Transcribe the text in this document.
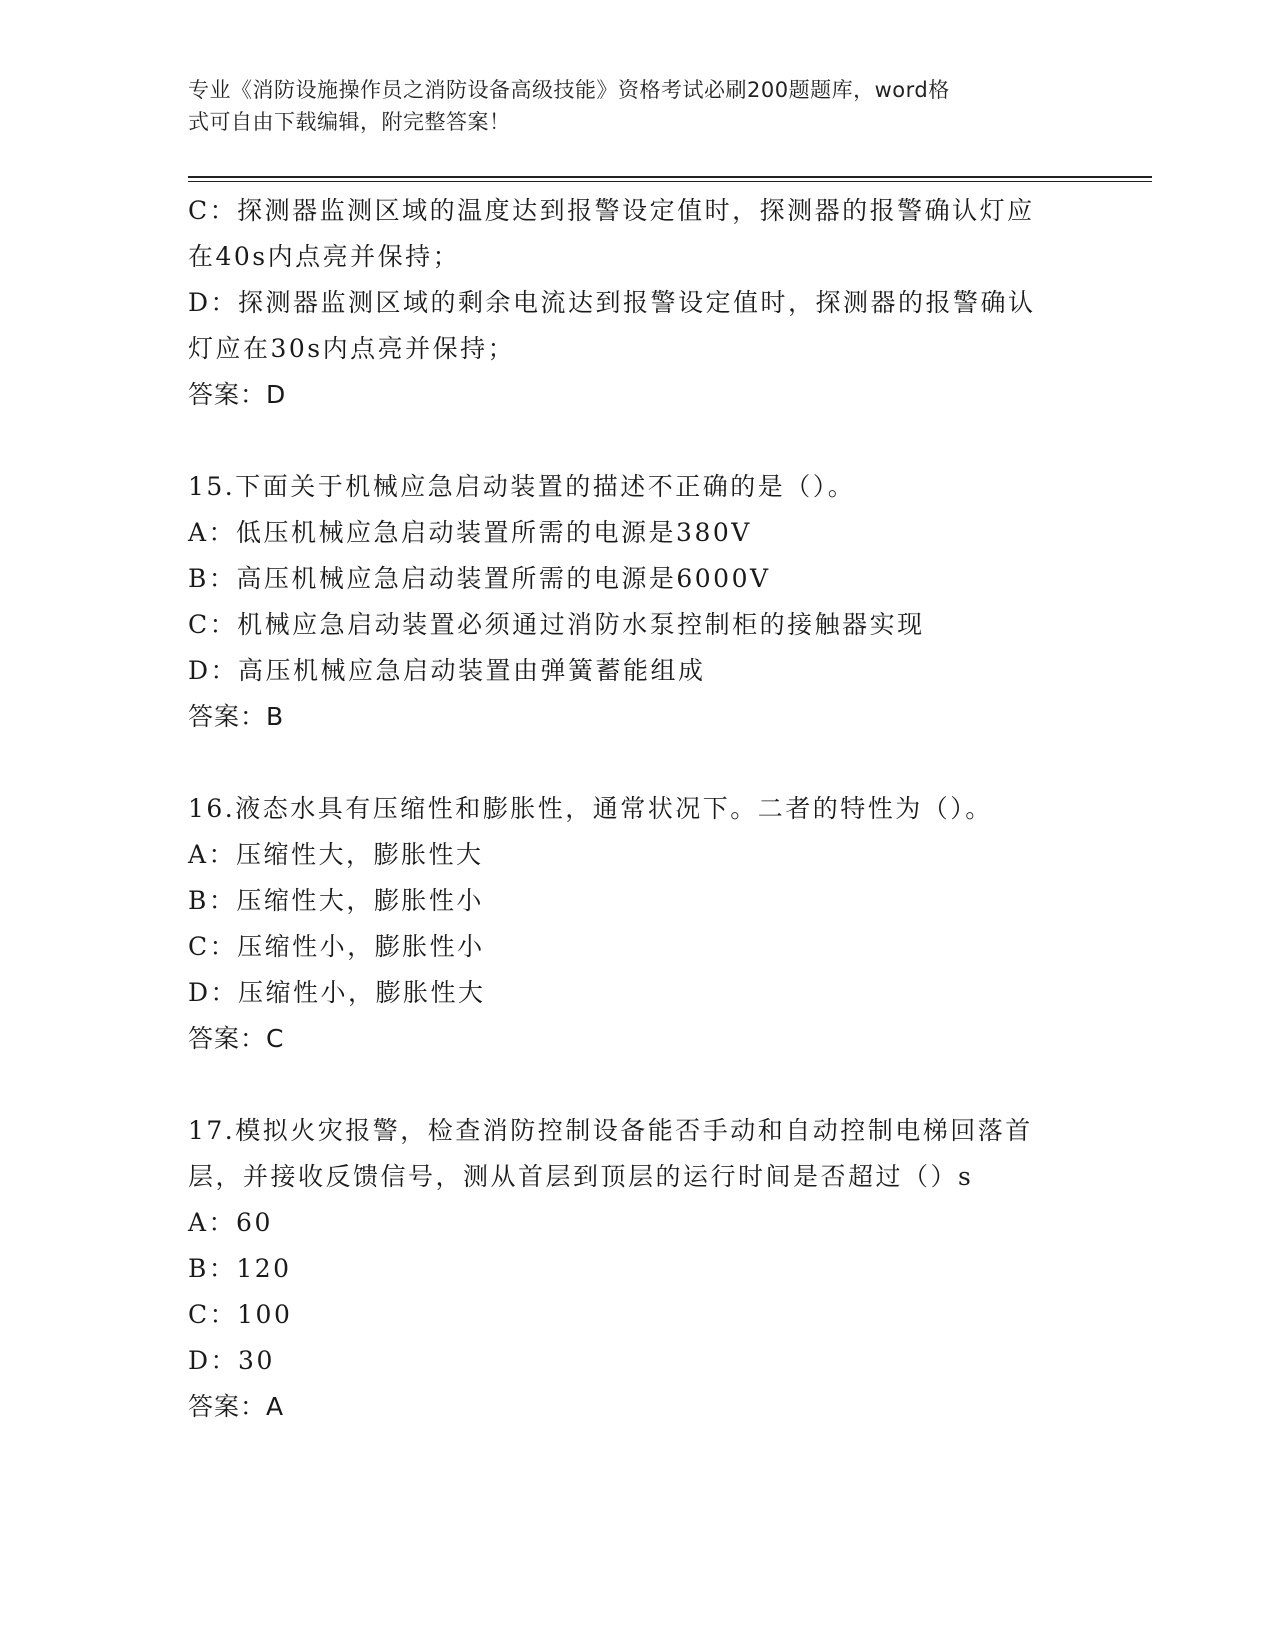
专业《消防设施操作员之消防设备高级技能》资格考试必刷200题题库，word格
式可自由下载编辑，附完整答案！
C：探测器监测区域的温度达到报警设定值时，探测器的报警确认灯应
在40s内点亮并保持；
D：探测器监测区域的剩余电流达到报警设定值时，探测器的报警确认
灯应在30s内点亮并保持；
答案：D
15.下面关于机械应急启动装置的描述不正确的是（）。
A：低压机械应急启动装置所需的电源是380V
B：高压机械应急启动装置所需的电源是6000V
C：机械应急启动装置必须通过消防水泵控制柜的接触器实现
D：高压机械应急启动装置由弹簧蓄能组成
答案：B
16.液态水具有压缩性和膨胀性，通常状况下。二者的特性为（）。
A：压缩性大，膨胀性大
B：压缩性大，膨胀性小
C：压缩性小，膨胀性小
D：压缩性小，膨胀性大
答案：C
17.模拟火灾报警，检查消防控制设备能否手动和自动控制电梯回落首
层，并接收反馈信号，测从首层到顶层的运行时间是否超过（）s
A：60
B：120
C：100
D：30
答案：A
